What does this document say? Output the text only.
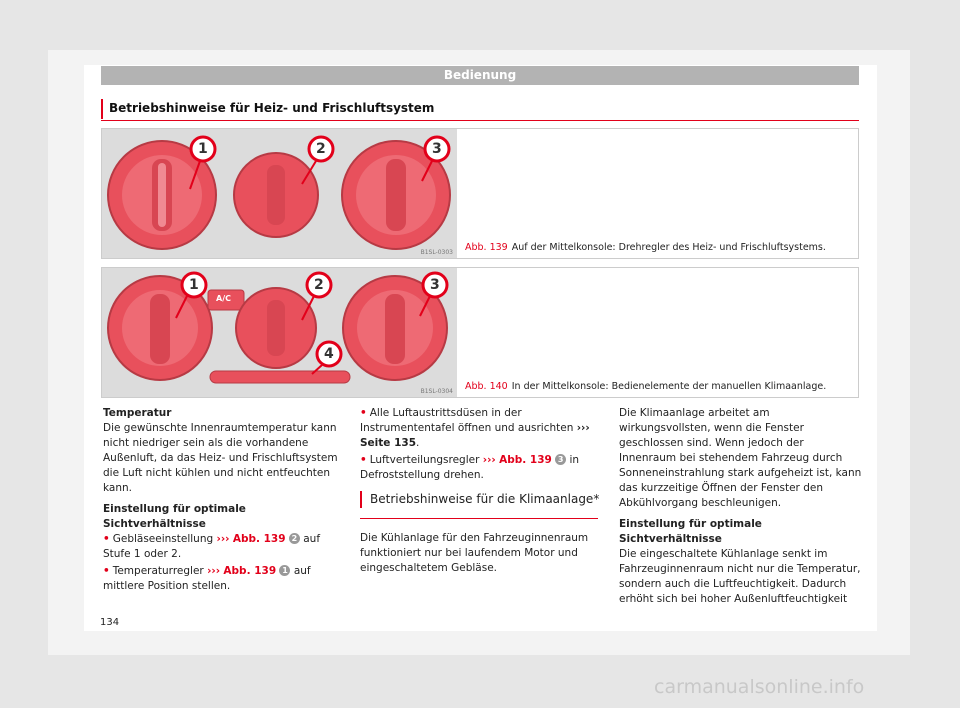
Bedienung
Betriebshinweise für Heiz- und Frischluftsystem
1	2	3
B1SL-0303 Abb. 139 Auf der Mittelkonsole: Drehregler des Heiz- und Frischluftsystems.
A/C
1	2	3
4
B1SL-0304 Abb. 140 In der Mittelkonsole: Bedienelemente der manuellen Klimaanlage.

Temperatur

Die gewünschte Innenraumtemperatur kann nicht niedriger sein als die vorhandene Außenluft, da das Heiz- und Frischluftsystem die Luft nicht kühlen und nicht entfeuchten kann.

Einstellung für optimale Sichtverhältnisse

• Gebläseeinstellung ››› Abb. 139 2 auf Stufe 1 oder 2.

• Temperaturregler ››› Abb. 139 1 auf mittlere Position stellen.

• Alle Luftaustrittsdüsen in der Instrumententafel öffnen und ausrichten ››› Seite 135.

• Luftverteilungsregler ››› Abb. 139 3 in Defroststellung drehen.

Betriebshinweise für die Klimaanlage*

Die Kühlanlage für den Fahrzeuginnenraum funktioniert nur bei laufendem Motor und eingeschaltetem Gebläse.

Die Klimaanlage arbeitet am wirkungsvollsten, wenn die Fenster geschlossen sind. Wenn jedoch der Innenraum bei stehendem Fahrzeug durch Sonneneinstrahlung stark aufgeheizt ist, kann das kurzzeitige Öffnen der Fenster den Abkühlvorgang beschleunigen.

Einstellung für optimale Sichtverhältnisse

Die eingeschaltete Kühlanlage senkt im Fahrzeuginnenraum nicht nur die Temperatur, sondern auch die Luftfeuchtigkeit. Dadurch erhöht sich bei hoher Außenluftfeuchtigkeit

134
carmanualsonline.info
